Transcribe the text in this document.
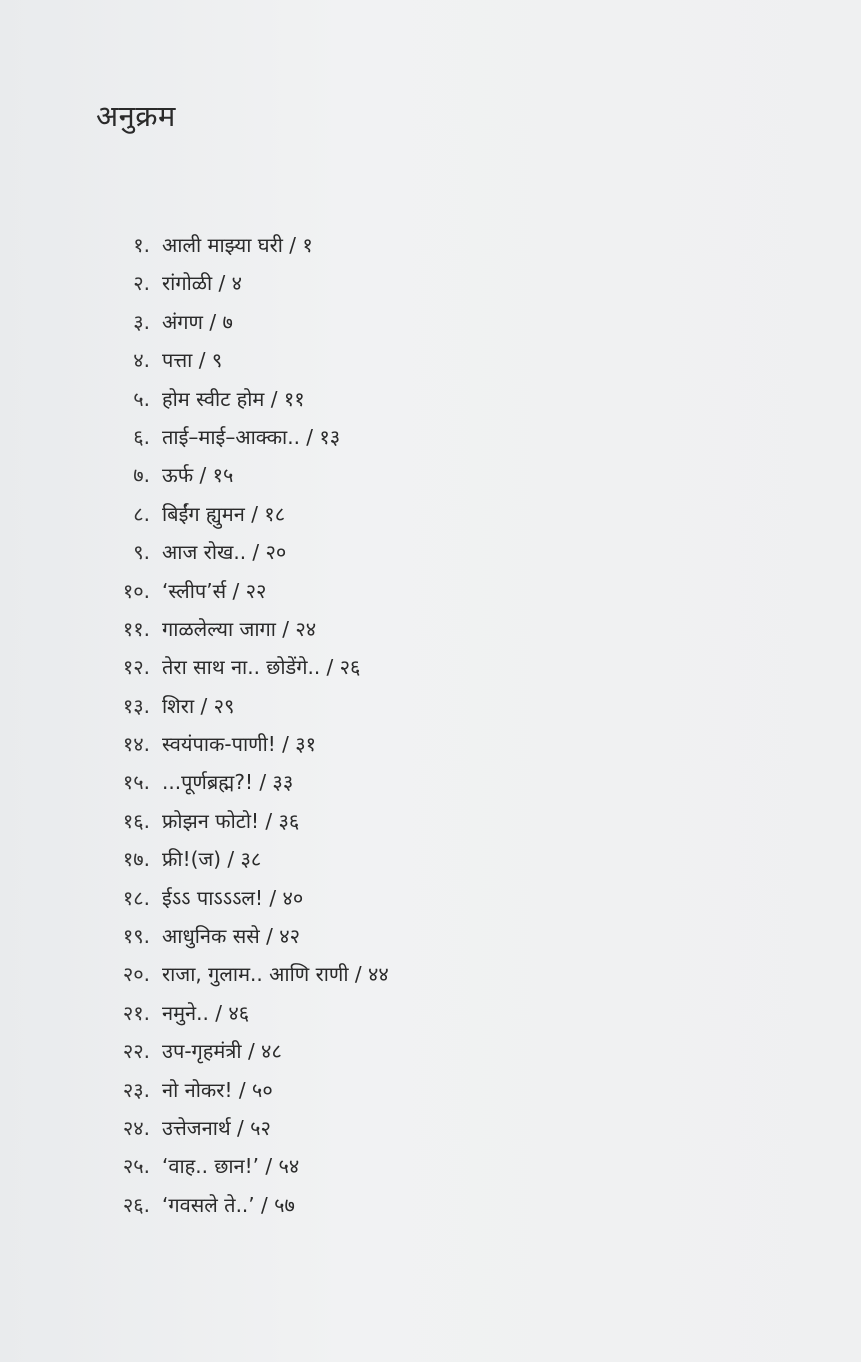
अनुक्रम
१. आली माझ्या घरी / १
२. रांगोळी / ४
३. अंगण / ७
४. पत्ता / ९
५. होम स्वीट होम / ११
६. ताई–माई–आक्का.. / १३
७. ऊर्फ / १५
८. बिईंग ह्युमन / १८
९. आज रोख.. / २०
१०. ‘स्लीप’र्स / २२
११. गाळलेल्या जागा / २४
१२. तेरा साथ ना.. छोडेंगे.. / २६
१३. शिरा / २९
१४. स्वयंपाक-पाणी! / ३१
१५. ...पूर्णब्रह्म?! / ३३
१६. फ्रोझन फोटो! / ३६
१७. फ्री!(ज) / ३८
१८. ईऽऽ पाऽऽऽल! / ४०
१९. आधुनिक ससे / ४२
२०. राजा, गुलाम.. आणि राणी / ४४
२१. नमुने.. / ४६
२२. उप-गृहमंत्री / ४८
२३. नो नोकर! / ५०
२४. उत्तेजनार्थ / ५२
२५. ‘वाह.. छान!’ / ५४
२६. ‘गवसले ते..’ / ५७
